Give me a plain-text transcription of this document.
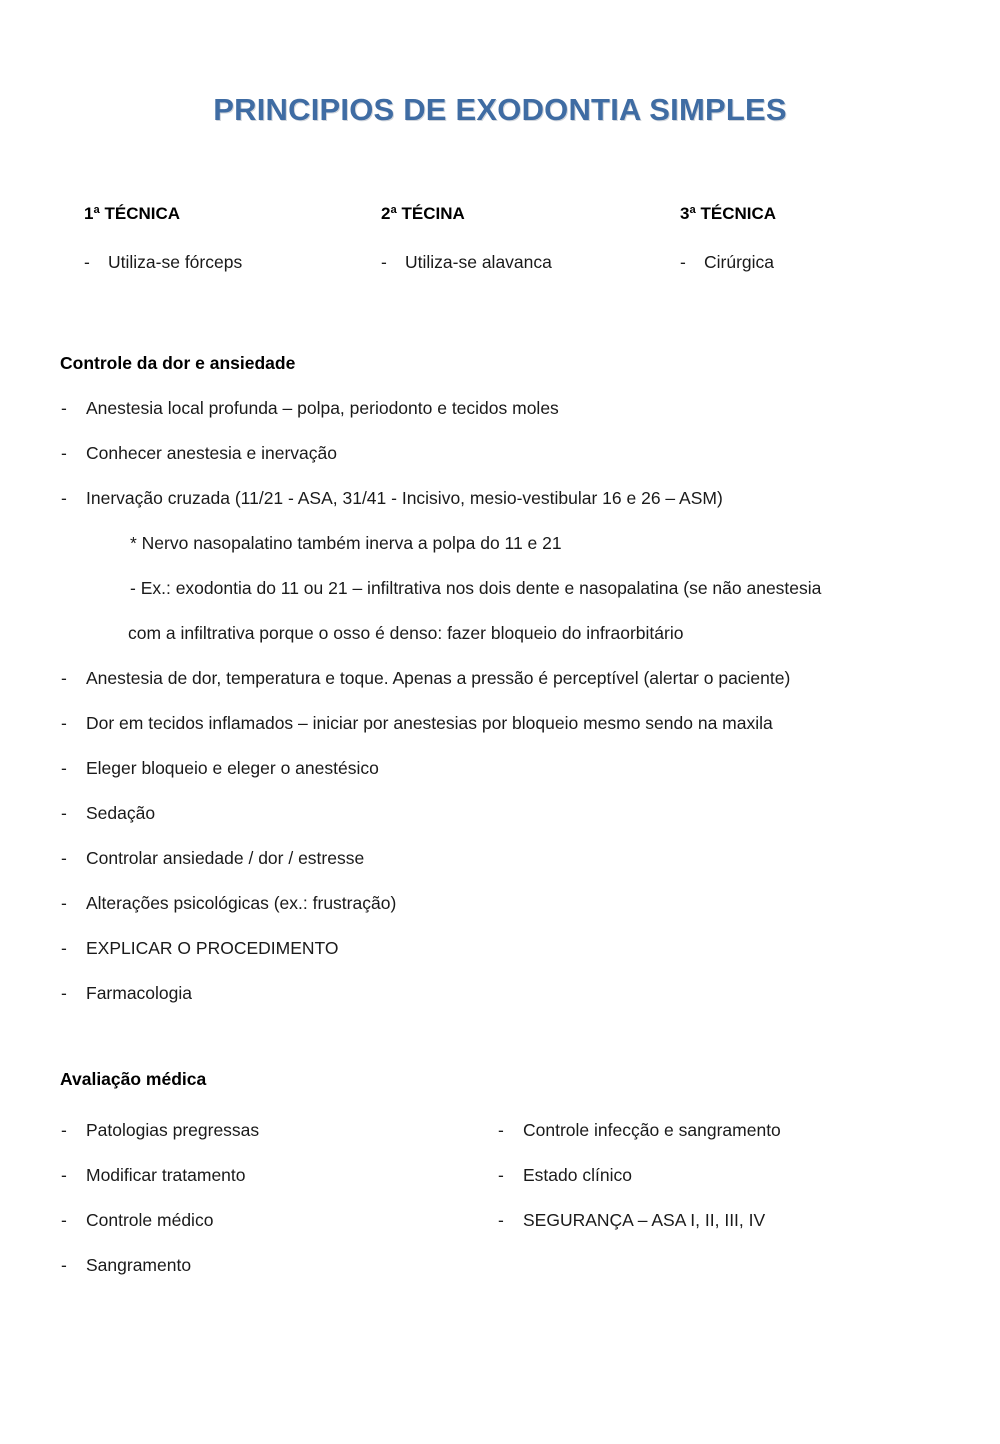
PRINCIPIOS DE EXODONTIA SIMPLES
1ª TÉCNICA
- Utiliza-se fórceps
2ª TÉCINA
- Utiliza-se alavanca
3ª TÉCNICA
- Cirúrgica
Controle da dor e ansiedade
- Anestesia local profunda – polpa, periodonto e tecidos moles
- Conhecer anestesia e inervação
- Inervação cruzada (11/21 - ASA, 31/41 - Incisivo, mesio-vestibular 16 e 26 – ASM)
* Nervo nasopalatino também inerva a polpa do 11 e 21
- Ex.: exodontia do 11 ou 21 – infiltrativa nos dois dente e nasopalatina (se não anestesia
com a infiltrativa porque o osso é denso: fazer bloqueio do infraorbitário
- Anestesia de dor, temperatura e toque. Apenas a pressão é perceptível (alertar o paciente)
- Dor em tecidos inflamados – iniciar por anestesias por bloqueio mesmo sendo na maxila
- Eleger bloqueio e eleger o anestésico
- Sedação
- Controlar ansiedade / dor / estresse
- Alterações psicológicas (ex.: frustração)
- EXPLICAR O PROCEDIMENTO
- Farmacologia
Avaliação médica
- Patologias pregressas
- Modificar tratamento
- Controle médico
- Sangramento
- Controle infecção e sangramento
- Estado clínico
- SEGURANÇA – ASA I, II, III, IV
